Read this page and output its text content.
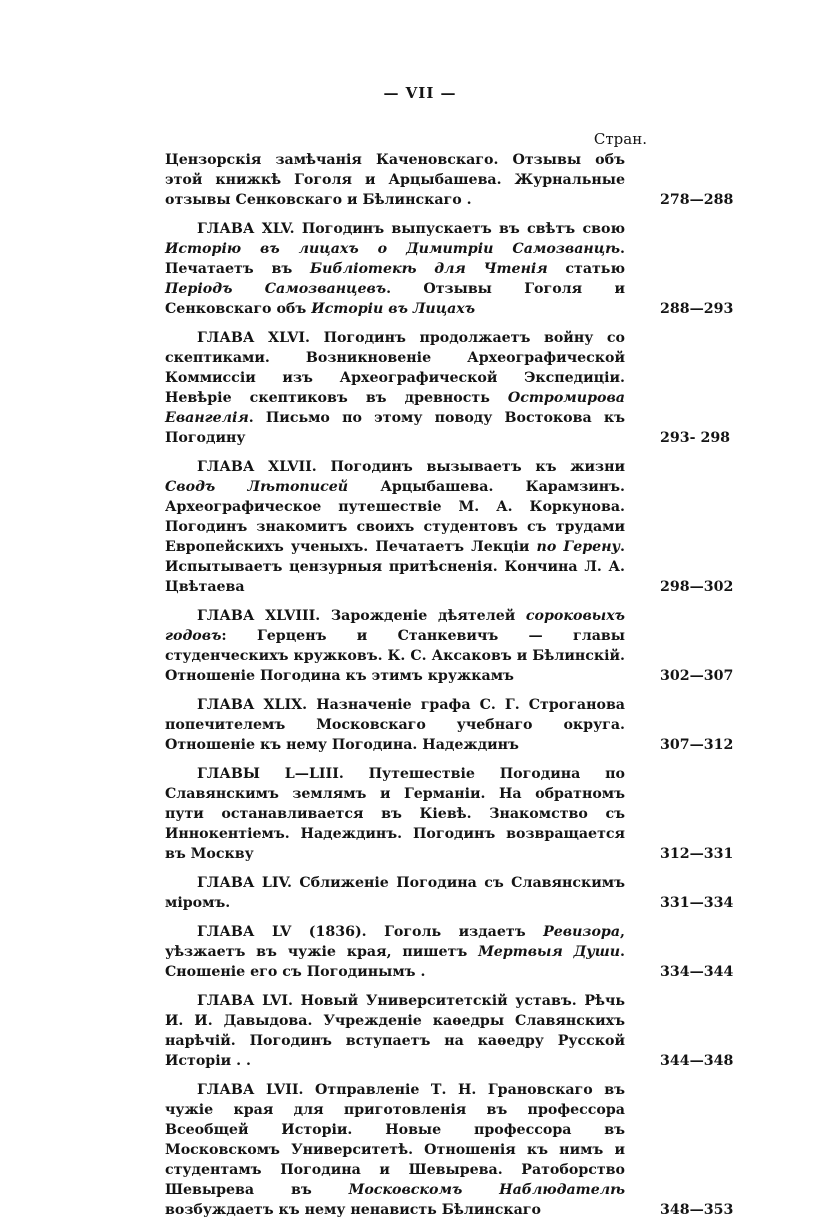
— VII —
Стран.
Цензорскія замѣчанія Каченовскаго. Отзывы объ этой книжкѣ Гоголя и Арцыбашева. Журнальные отзывы Сенковскаго и Бѣлинскаго .	278—288
ГЛАВА XLV. Погодинъ выпускаетъ въ свѣтъ свою Исторію въ лицахъ о Димитріи Самозванцѣ. Печатаетъ въ Библіотекѣ для Чтенія статью Періодъ Самозванцевъ. Отзывы Гоголя и Сенковскаго объ Исторіи въ Лицахъ	288—293
ГЛАВА XLVI. Погодинъ продолжаетъ войну со скептиками. Возникновеніе Археографической Коммиссіи изъ Археографической Экспедиціи. Невѣріе скептиковъ въ древность Остромирова Евангелія. Письмо по этому поводу Востокова къ Погодину	293- 298
ГЛАВА XLVII. Погодинъ вызываетъ къ жизни Сводъ Лѣтописей Арцыбашева. Карамзинъ. Археографическое путешествіе М. А. Коркунова. Погодинъ знакомитъ своихъ студентовъ съ трудами Европейскихъ ученыхъ. Печатаетъ Лекціи по Герену. Испытываетъ цензурныя притѣсненія. Кончина Л. А. Цвѣтаева	298—302
ГЛАВА XLVIII. Зарожденіе дѣятелей сороковыхъ годовъ: Герценъ и Станкевичъ — главы студенческихъ кружковъ. К. С. Аксаковъ и Бѣлинскій. Отношеніе Погодина къ этимъ кружкамъ	302—307
ГЛАВА XLIX. Назначеніе графа С. Г. Строганова попечителемъ Московскаго учебнаго округа. Отношеніе къ нему Погодина. Надеждинъ	307—312
ГЛАВЫ L—LIII. Путешествіе Погодина по Славянскимъ землямъ и Германіи. На обратномъ пути останавливается въ Кіевѣ. Знакомство съ Иннокентіемъ. Надеждинъ. Погодинъ возвращается въ Москву	312—331
ГЛАВА LIV. Сближеніе Погодина съ Славянскимъ міромъ.	331—334
ГЛАВА LV (1836). Гоголь издаетъ Ревизора, уѣзжаетъ въ чужіе края, пишетъ Мертвыя Души. Сношеніе его съ Погодинымъ .	334—344
ГЛАВА LVI. Новый Университетскій уставъ. Рѣчь И. И. Давыдова. Учрежденіе каѳедры Славянскихъ нарѣчій. Погодинъ вступаетъ на каѳедру Русской Исторіи . .	344—348
ГЛАВА LVII. Отправленіе Т. Н. Грановскаго въ чужіе края для приготовленія въ профессора Всеобщей Исторіи. Новые профессора въ Московскомъ Университетѣ. Отношенія къ нимъ и студентамъ Погодина и Шевырева. Ратоборство Шевырева въ Московскомъ Наблюдателѣ возбуждаетъ къ нему ненависть Бѣлинскаго	348—353
